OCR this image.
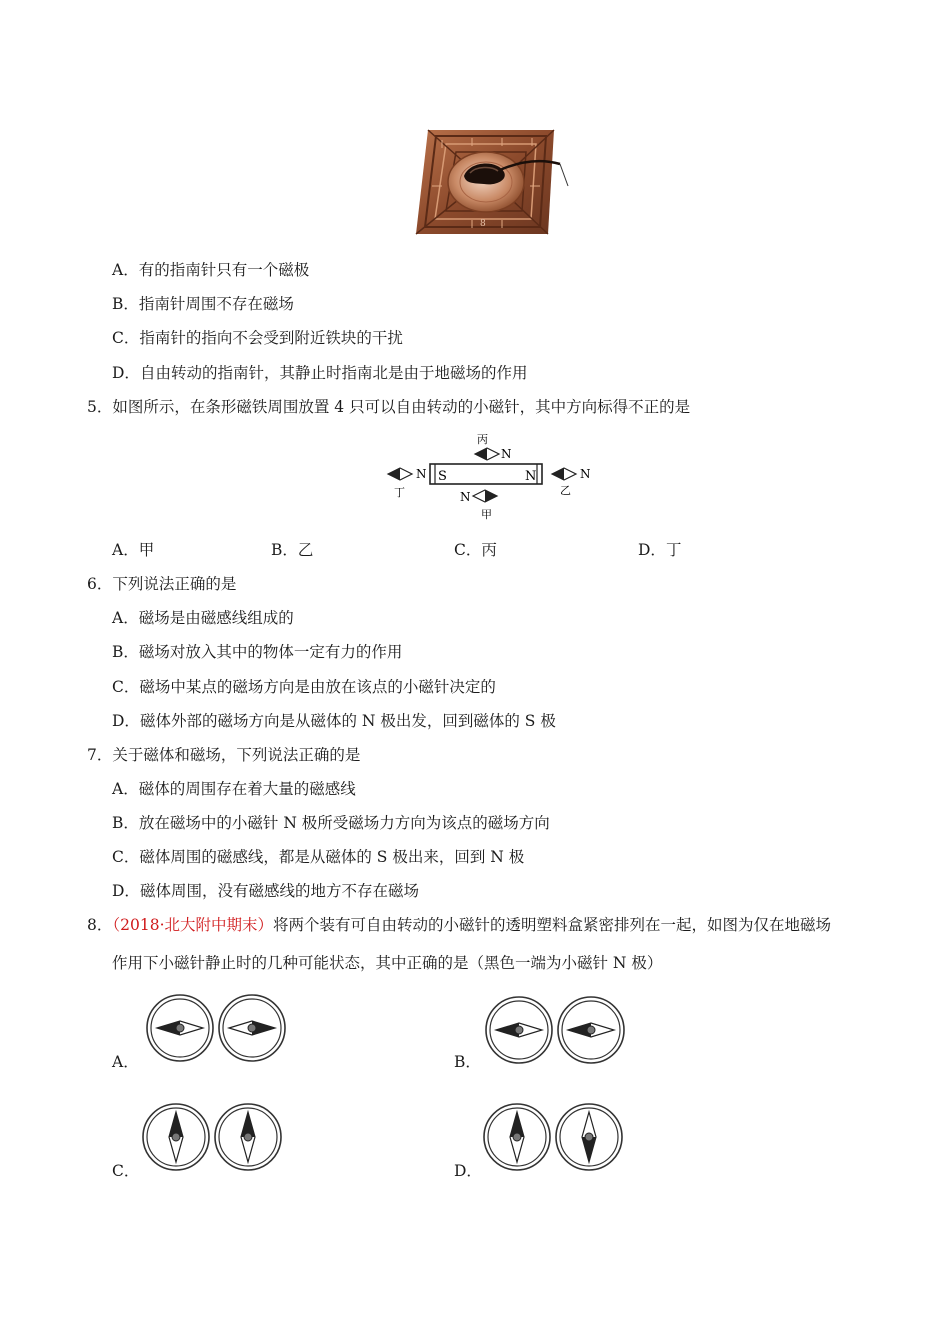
8
A．有的指南针只有一个磁极
B．指南针周围不存在磁场
C．指南针的指向不会受到附近铁块的干扰
D．自由转动的指南针，其静止时指南北是由于地磁场的作用
5．如图所示，在条形磁铁周围放置 4 只可以自由转动的小磁针，其中方向标得不正的是
S	N
丙
N
N
甲
N
丁
N
乙
A．甲	B．乙	C．丙	D．丁
6．下列说法正确的是
A．磁场是由磁感线组成的
B．磁场对放入其中的物体一定有力的作用
C．磁场中某点的磁场方向是由放在该点的小磁针决定的
D．磁体外部的磁场方向是从磁体的 N 极出发，回到磁体的 S 极
7．关于磁体和磁场，下列说法正确的是
A．磁体的周围存在着大量的磁感线
B．放在磁场中的小磁针 N 极所受磁场力方向为该点的磁场方向
C．磁体周围的磁感线，都是从磁体的 S 极出来，回到 N 极
D．磁体周围，没有磁感线的地方不存在磁场
8．（2018·北大附中期末）将两个装有可自由转动的小磁针的透明塑料盒紧密排列在一起，如图为仅在地磁场
作用下小磁针静止时的几种可能状态，其中正确的是（黑色一端为小磁针 N 极）
A．	B．
C．	D．
